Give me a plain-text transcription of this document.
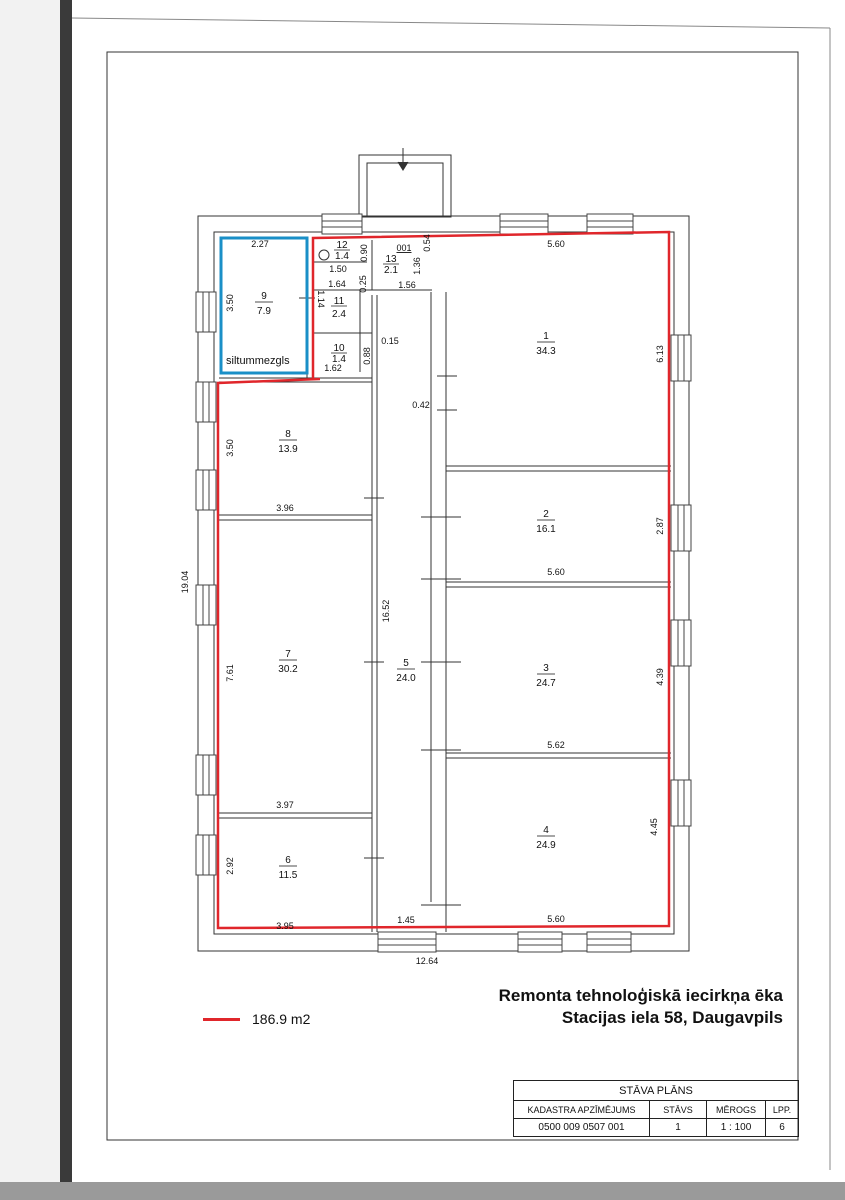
1
34.3
2
16.1
3
24.7
4
24.9
5
24.0
6
11.5
7
30.2
8
13.9
9
7.9
10
1.4
11
2.4
12
1.4	13
2.1
siltummezgls
001
2.27
3.50
1.50
1.64
0.90
0.25
0.88
0.15
1.62
1.36
1.56
0.54	5.60
6.13
3.50
3.96
2.87
5.60
7.61	4.39
5.62
3.97
4.45
2.92
3.95
5.60
1.14
19.04
12.64
16.52
1.45
0.42
Remonta tehnoloģiskā iecirkņa ēka
Stacijas iela 58, Daugavpils
186.9 m2
STĀVA PLĀNS			
KADASTRA APZĪMĒJUMS	STĀVS	MĒROGS	LPP.
0500 009 0507 001	1	1 : 100	6
